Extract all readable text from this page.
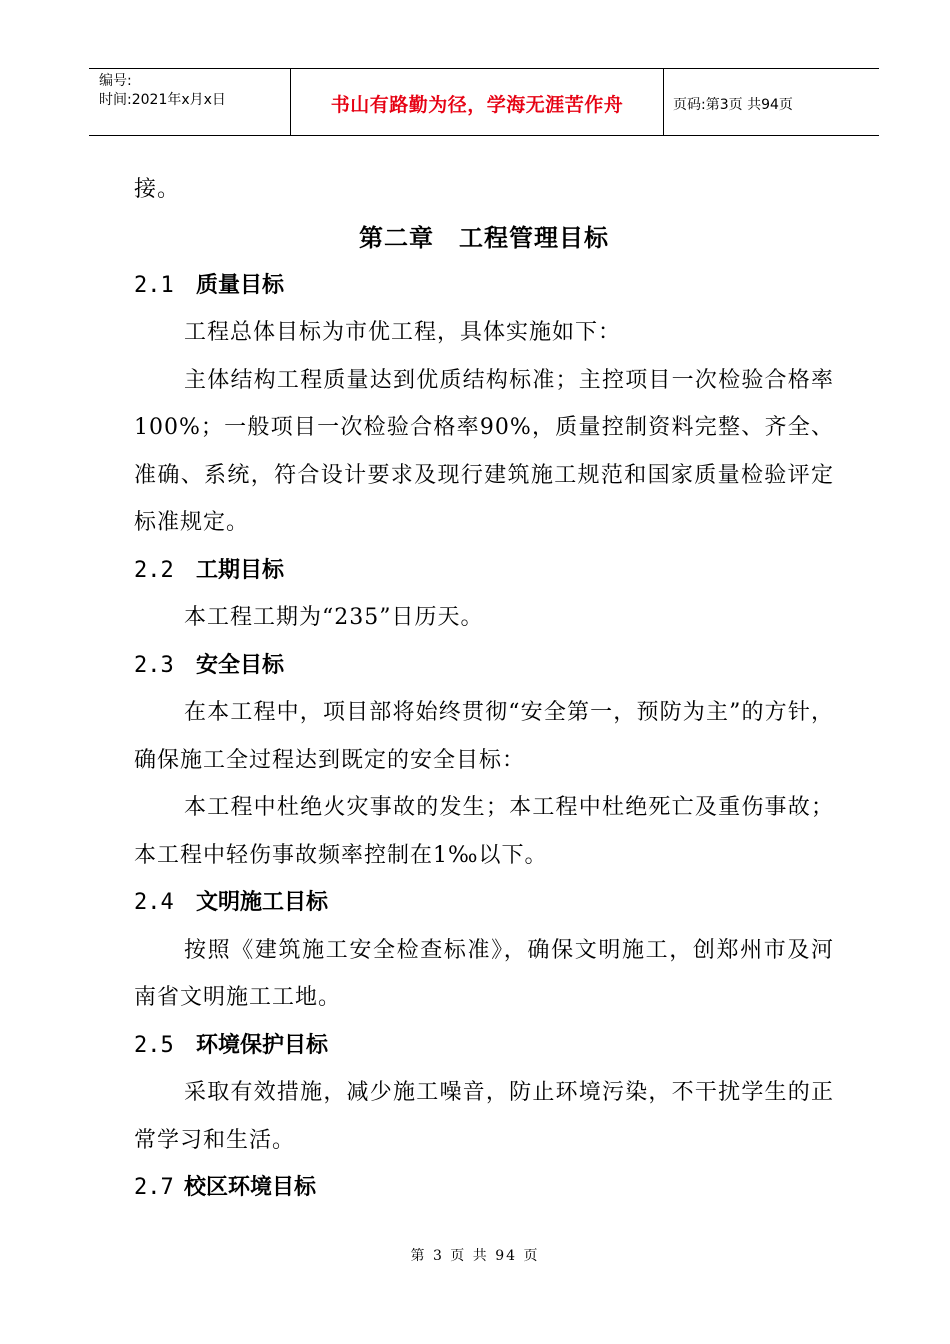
编号:
时间:2021年x月x日	书山有路勤为径，学海无涯苦作舟	页码:第3页 共94页

接。

第二章　工程管理目标

2.1 质量目标

工程总体目标为市优工程，具体实施如下：

主体结构工程质量达到优质结构标准；主控项目一次检验合格率100%；一般项目一次检验合格率90%，质量控制资料完整、齐全、准确、系统，符合设计要求及现行建筑施工规范和国家质量检验评定标准规定。

2.2 工期目标

本工程工期为“235”日历天。

2.3 安全目标

在本工程中，项目部将始终贯彻“安全第一，预防为主”的方针，确保施工全过程达到既定的安全目标：

本工程中杜绝火灾事故的发生；本工程中杜绝死亡及重伤事故；本工程中轻伤事故频率控制在1‰以下。

2.4 文明施工目标

按照《建筑施工安全检查标准》，确保文明施工，创郑州市及河南省文明施工工地。

2.5 环境保护目标

采取有效措施，减少施工噪音，防止环境污染，不干扰学生的正常学习和生活。

2.7 校区环境目标

第 3 页 共 94 页
